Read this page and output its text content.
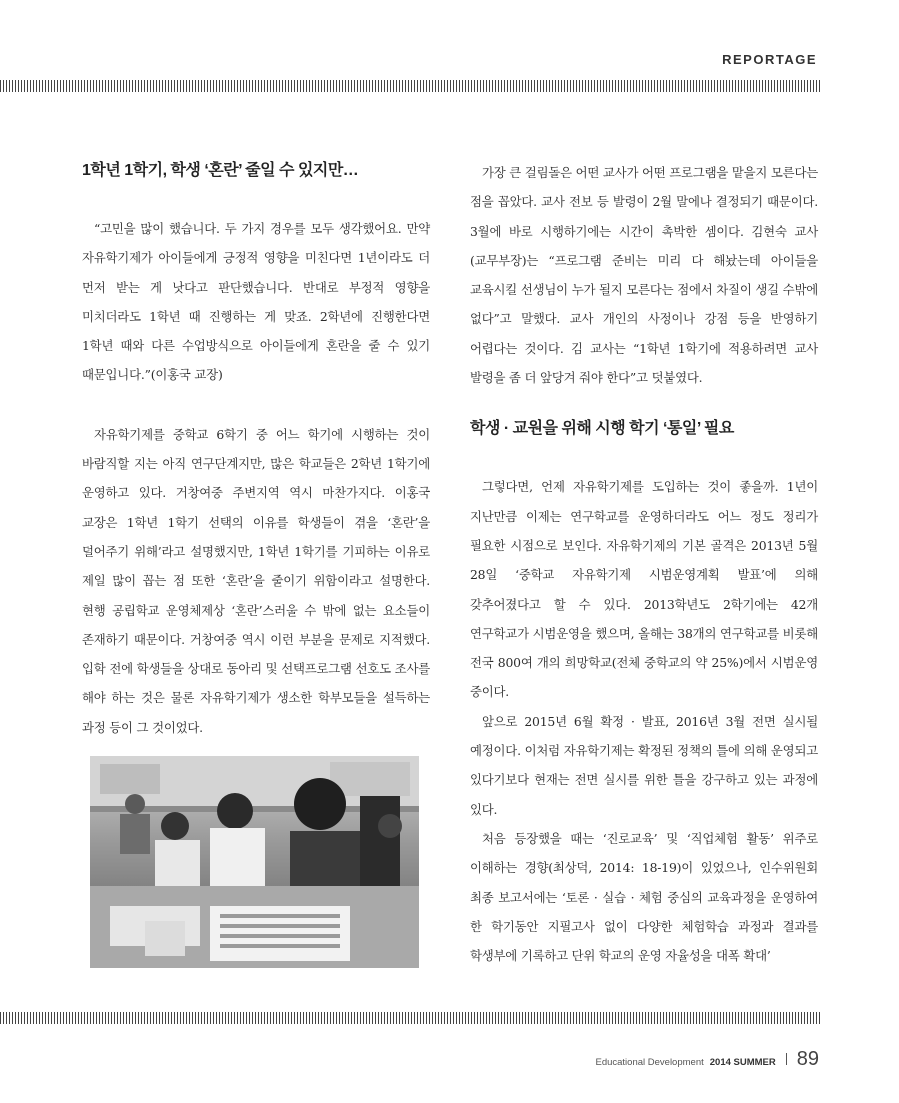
REPORTAGE
1학년 1학기, 학생 ‘혼란’ 줄일 수 있지만…

“고민을 많이 했습니다. 두 가지 경우를 모두 생각했어요. 만약 자유학기제가 아이들에게 긍정적 영향을 미친다면 1년이라도 더 먼저 받는 게 낫다고 판단했습니다. 반대로 부정적 영향을 미치더라도 1학년 때 진행하는 게 맞죠. 2학년에 진행한다면 1학년 때와 다른 수업방식으로 아이들에게 혼란을 줄 수 있기 때문입니다.”(이홍국 교장)

자유학기제를 중학교 6학기 중 어느 학기에 시행하는 것이 바람직할 지는 아직 연구단계지만, 많은 학교들은 2학년 1학기에 운영하고 있다. 거창여중 주변지역 역시 마찬가지다. 이홍국 교장은 1학년 1학기 선택의 이유를 학생들이 겪을 ‘혼란’을 덜어주기 위해’라고 설명했지만, 1학년 1학기를 기피하는 이유로 제일 많이 꼽는 점 또한 ‘혼란’을 줄이기 위함이라고 설명한다. 현행 공립학교 운영체제상 ‘혼란’스러울 수 밖에 없는 요소들이 존재하기 때문이다. 거창여중 역시 이런 부분을 문제로 지적했다. 입학 전에 학생들을 상대로 동아리 및 선택프로그램 선호도 조사를 해야 하는 것은 물론 자유학기제가 생소한 학부모들을 설득하는 과정 등이 그 것이었다.

가장 큰 걸림돌은 어떤 교사가 어떤 프로그램을 맡을지 모른다는 점을 꼽았다. 교사 전보 등 발령이 2월 말에나 결정되기 때문이다. 3월에 바로 시행하기에는 시간이 촉박한 셈이다. 김현숙 교사(교무부장)는 “프로그램 준비는 미리 다 해놨는데 아이들을 교육시킬 선생님이 누가 될지 모른다는 점에서 차질이 생길 수밖에 없다”고 말했다. 교사 개인의 사정이나 강점 등을 반영하기 어렵다는 것이다. 김 교사는 “1학년 1학기에 적용하려면 교사 발령을 좀 더 앞당겨 줘야 한다”고 덧붙였다.

학생 · 교원을 위해 시행 학기 ‘통일’ 필요

그렇다면, 언제 자유학기제를 도입하는 것이 좋을까. 1년이 지난만큼 이제는 연구학교를 운영하더라도 어느 정도 정리가 필요한 시점으로 보인다. 자유학기제의 기본 골격은 2013년 5월 28일 ‘중학교 자유학기제 시범운영계획 발표’에 의해 갖추어졌다고 할 수 있다. 2013학년도 2학기에는 42개 연구학교가 시범운영을 했으며, 올해는 38개의 연구학교를 비롯해 전국 800여 개의 희망학교(전체 중학교의 약 25%)에서 시범운영 중이다.

앞으로 2015년 6월 확정 · 발표, 2016년 3월 전면 실시될 예정이다. 이처럼 자유학기제는 확정된 정책의 틀에 의해 운영되고 있다기보다 현재는 전면 실시를 위한 틀을 강구하고 있는 과정에 있다.

처음 등장했을 때는 ‘진로교육’ 및 ‘직업체험 활동’ 위주로 이해하는 경향(최상덕, 2014: 18-19)이 있었으나, 인수위원회 최종 보고서에는 ‘토론 · 실습 · 체험 중심의 교육과정을 운영하여 한 학기동안 지필고사 없이 다양한 체험학습 과정과 결과를 학생부에 기록하고 단위 학교의 운영 자율성을 대폭 확대’

Educational Development 2014 SUMMER 89
